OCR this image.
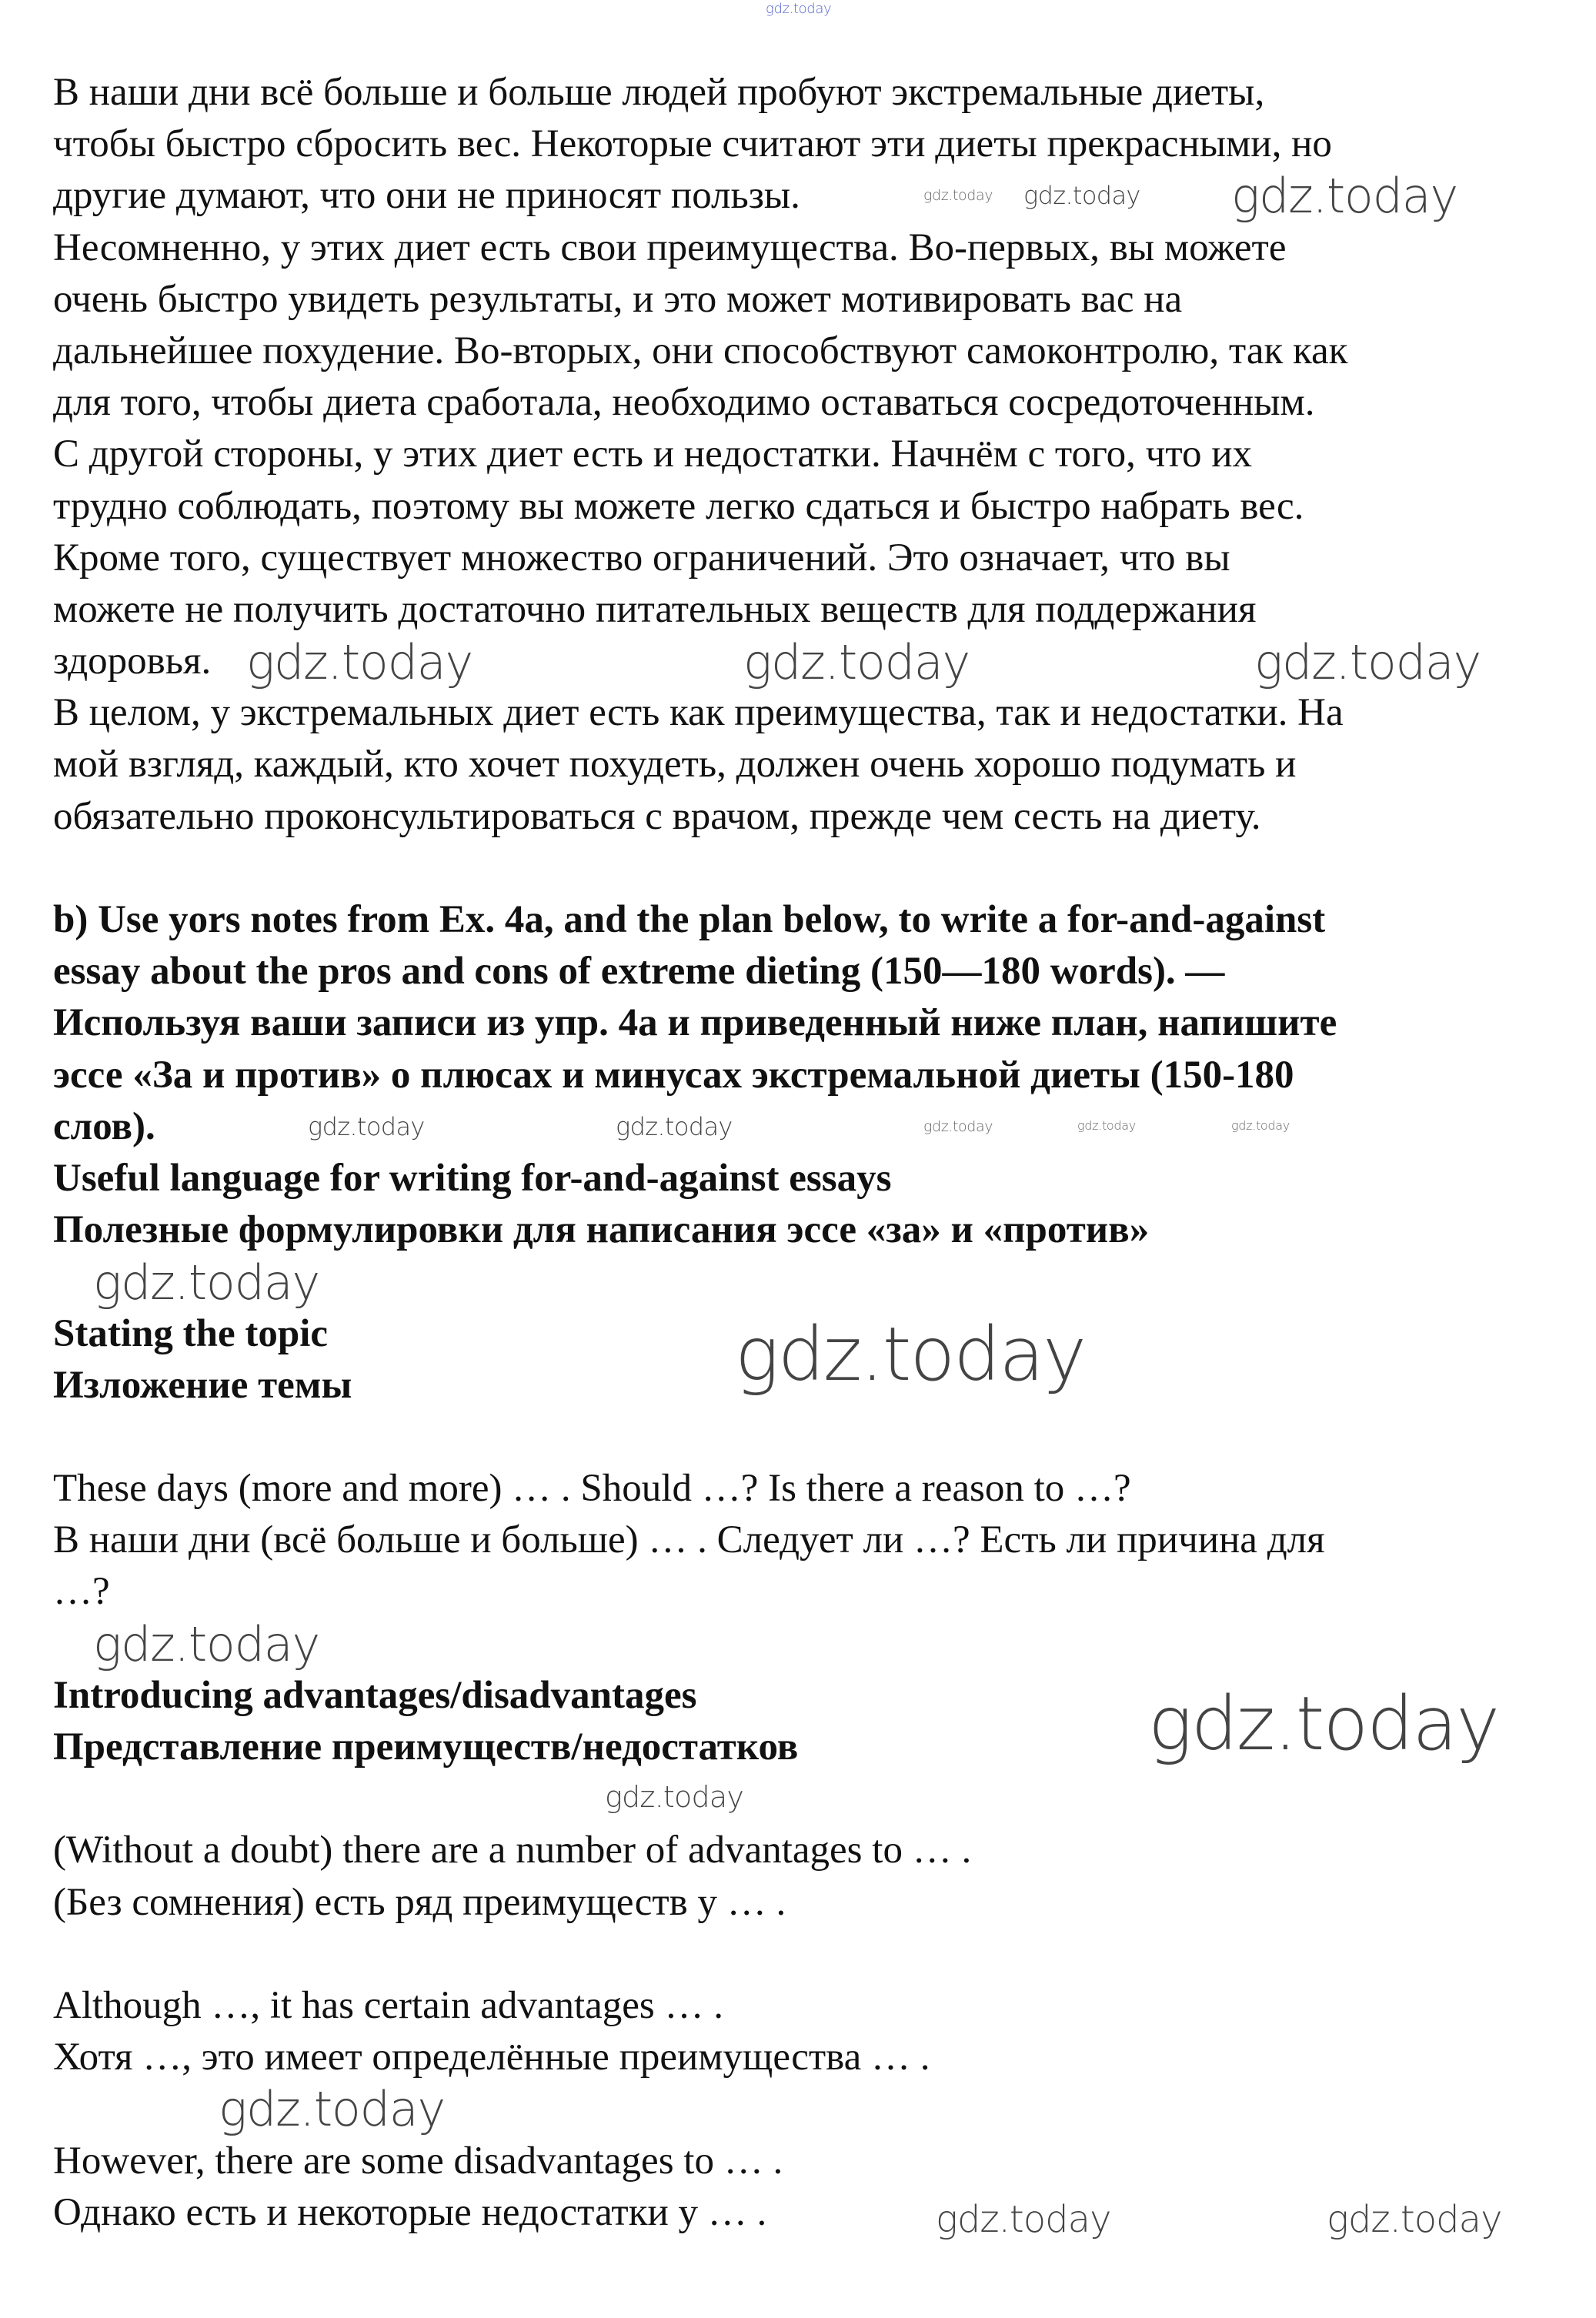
В наши дни всё больше и больше людей пробуют экстремальные диеты,
чтобы быстро сбросить вес. Некоторые считают эти диеты прекрасными, но
другие думают, что они не приносят пользы.
Несомненно, у этих диет есть свои преимущества. Во-первых, вы можете
очень быстро увидеть результаты, и это может мотивировать вас на
дальнейшее похудение. Во-вторых, они способствуют самоконтролю, так как
для того, чтобы диета сработала, необходимо оставаться сосредоточенным.
С другой стороны, у этих диет есть и недостатки. Начнём с того, что их
трудно соблюдать, поэтому вы можете легко сдаться и быстро набрать вес.
Кроме того, существует множество ограничений. Это означает, что вы
можете не получить достаточно питательных веществ для поддержания
здоровья.
В целом, у экстремальных диет есть как преимущества, так и недостатки. На
мой взгляд, каждый, кто хочет похудеть, должен очень хорошо подумать и
обязательно проконсультироваться с врачом, прежде чем сесть на диету.
b) Use yors notes from Ex. 4a, and the plan below, to write a for-and-against
essay about the pros and cons of extreme dieting (150—180 words). —
Используя ваши записи из упр. 4а и приведенный ниже план, напишите
эссе «За и против» о плюсах и минусах экстремальной диеты (150-180
слов).
Useful language for writing for-and-against essays
Полезные формулировки для написания эссе «за» и «против»
Stating the topic
Изложение темы
These days (more and more) … . Should …? Is there a reason to …?
В наши дни (всё больше и больше) … . Следует ли …? Есть ли причина для
…?
Introducing advantages/disadvantages
Представление преимуществ/недостатков
(Without a doubt) there are a number of advantages to … .
(Без сомнения) есть ряд преимуществ у … .
Although …, it has certain advantages … .
Хотя …, это имеет определённые преимущества … .
However, there are some disadvantages to … .
Однако есть и некоторые недостатки у … .
gdz.today
gdz.today gdz.today gdz.today
gdz.today	gdz.today	gdz.today
gdz.today	gdz.today	gdz.today	gdz.today	gdz.today
gdz.today
gdz.today
gdz.today
gdz.today
gdz.today
gdz.today
gdz.today	gdz.today
